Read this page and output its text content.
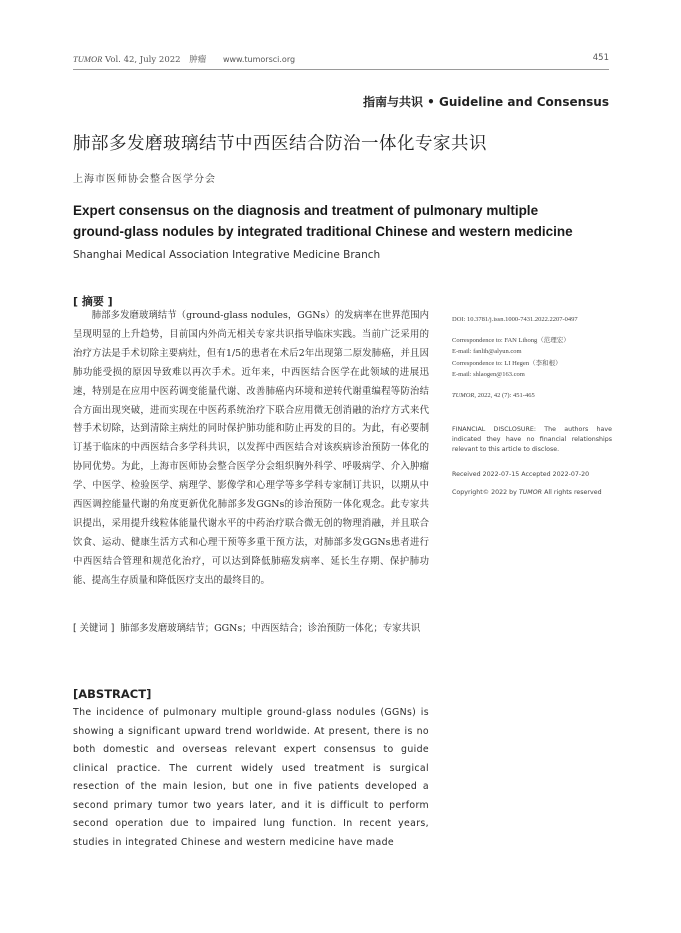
TUMOR Vol. 42, July 2022 肿瘤 www.tumorsci.org	451
指南与共识 • Guideline and Consensus
肺部多发磨玻璃结节中西医结合防治一体化专家共识
上海市医师协会整合医学分会
Expert consensus on the diagnosis and treatment of pulmonary multiple
ground-glass nodules by integrated traditional Chinese and western medicine
Shanghai Medical Association Integrative Medicine Branch
[ 摘要 ]

肺部多发磨玻璃结节（ground-glass nodules，GGNs）的发病率在世界范围内呈现明显的上升趋势，目前国内外尚无相关专家共识指导临床实践。当前广泛采用的治疗方法是手术切除主要病灶，但有1/5的患者在术后2年出现第二原发肺癌，并且因肺功能受损的原因导致难以再次手术。近年来，中西医结合医学在此领域的进展迅速，特别是在应用中医药调变能量代谢、改善肺癌内环境和逆转代谢重编程等防治结合方面出现突破，进而实现在中医药系统治疗下联合应用微无创消融的治疗方式来代替手术切除，达到清除主病灶的同时保护肺功能和防止再发的目的。为此，有必要制订基于临床的中西医结合多学科共识，以发挥中西医结合对该疾病诊治预防一体化的协同优势。为此，上海市医师协会整合医学分会组织胸外科学、呼吸病学、介入肿瘤学、中医学、检验医学、病理学、影像学和心理学等多学科专家制订共识，以期从中西医调控能量代谢的角度更新优化肺部多发GGNs的诊治预防一体化观念。此专家共识提出，采用提升线粒体能量代谢水平的中药治疗联合微无创的物理消融，并且联合饮食、运动、健康生活方式和心理干预等多重干预方法，对肺部多发GGNs患者进行中西医结合管理和规范化治疗，可以达到降低肺癌发病率、延长生存期、保护肺功能、提高生存质量和降低医疗支出的最终目的。

[ 关键词 ] 肺部多发磨玻璃结节；GGNs；中西医结合；诊治预防一体化；专家共识
DOI: 10.3781/j.issn.1000-7431.2022.2207-0497
Correspondence to: FAN Lihong（范理宏）
E-mail: fanlih@alyun.com
Correspondence to: LI Hegen（李和根）
E-mail: shlaogen@163.com
TUMOR, 2022, 42 (7): 451-465
FINANCIAL DISCLOSURE: The authors have indicated they have no financial relationships relevant to this article to disclose.
Received 2022-07-15 Accepted 2022-07-20
Copyright© 2022 by TUMOR All rights reserved
[ABSTRACT]

The incidence of pulmonary multiple ground-glass nodules (GGNs) is showing a significant upward trend worldwide. At present, there is no both domestic and overseas relevant expert consensus to guide clinical practice. The current widely used treatment is surgical resection of the main lesion, but one in five patients developed a second primary tumor two years later, and it is difficult to perform second operation due to impaired lung function. In recent years, studies in integrated Chinese and western medicine have made
